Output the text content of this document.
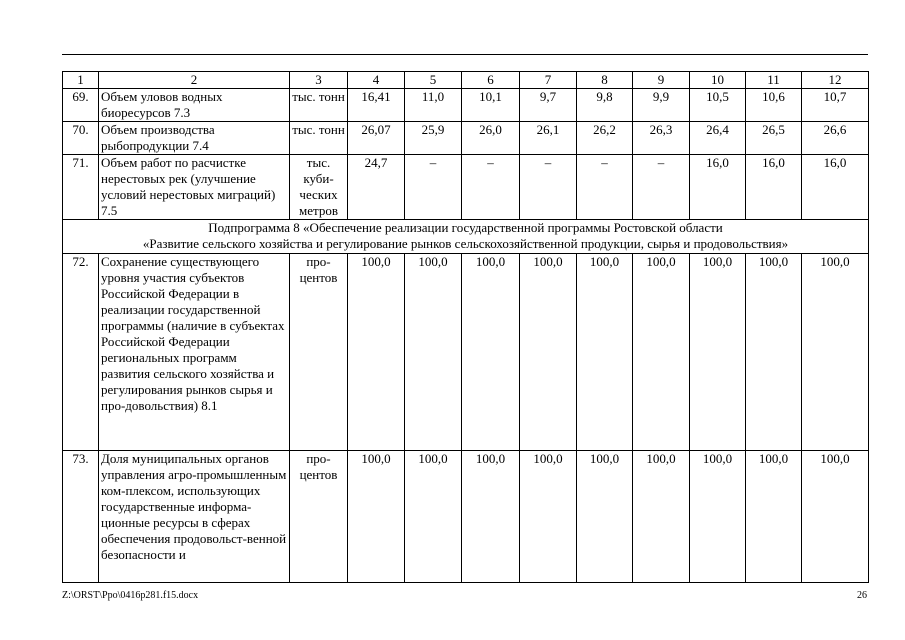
1	2	3	4	5	6	7	8	9	10	11	12
69.	Объем уловов водных биоресурсов 7.3	тыс. тонн	16,41	11,0	10,1	9,7	9,8	9,9	10,5	10,6	10,7
70.	Объем производства рыбопродукции 7.4	тыс. тонн	26,07	25,9	26,0	26,1	26,2	26,3	26,4	26,5	26,6
71.	Объем работ по расчистке нерестовых рек (улучшение условий нерестовых миграций) 7.5	тыс. куби-ческих метров	24,7	–	–	–	–	–	16,0	16,0	16,0

Подпрограмма 8 «Обеспечение реализации государственной программы Ростовской области
«Развитие сельского хозяйства и регулирование рынков сельскохозяйственной продукции, сырья и продовольствия»											

72.	Сохранение существующего уровня участия субъектов Российской Федерации в реализации государственной программы (наличие в субъектах Российской Федерации региональных программ развития сельского хозяйства и регулирования рынков сырья и про-довольствия) 8.1	про-центов	100,0	100,0	100,0	100,0	100,0	100,0	100,0	100,0	100,0
73.	Доля муниципальных органов управления агро-промышленным ком-плексом, использующих государственные информа-ционные ресурсы в сферах обеспечения продовольст-венной безопасности и	про-центов	100,0	100,0	100,0	100,0	100,0	100,0	100,0	100,0	100,0
Z:\ORST\Ppo\0416p281.f15.docx	26
